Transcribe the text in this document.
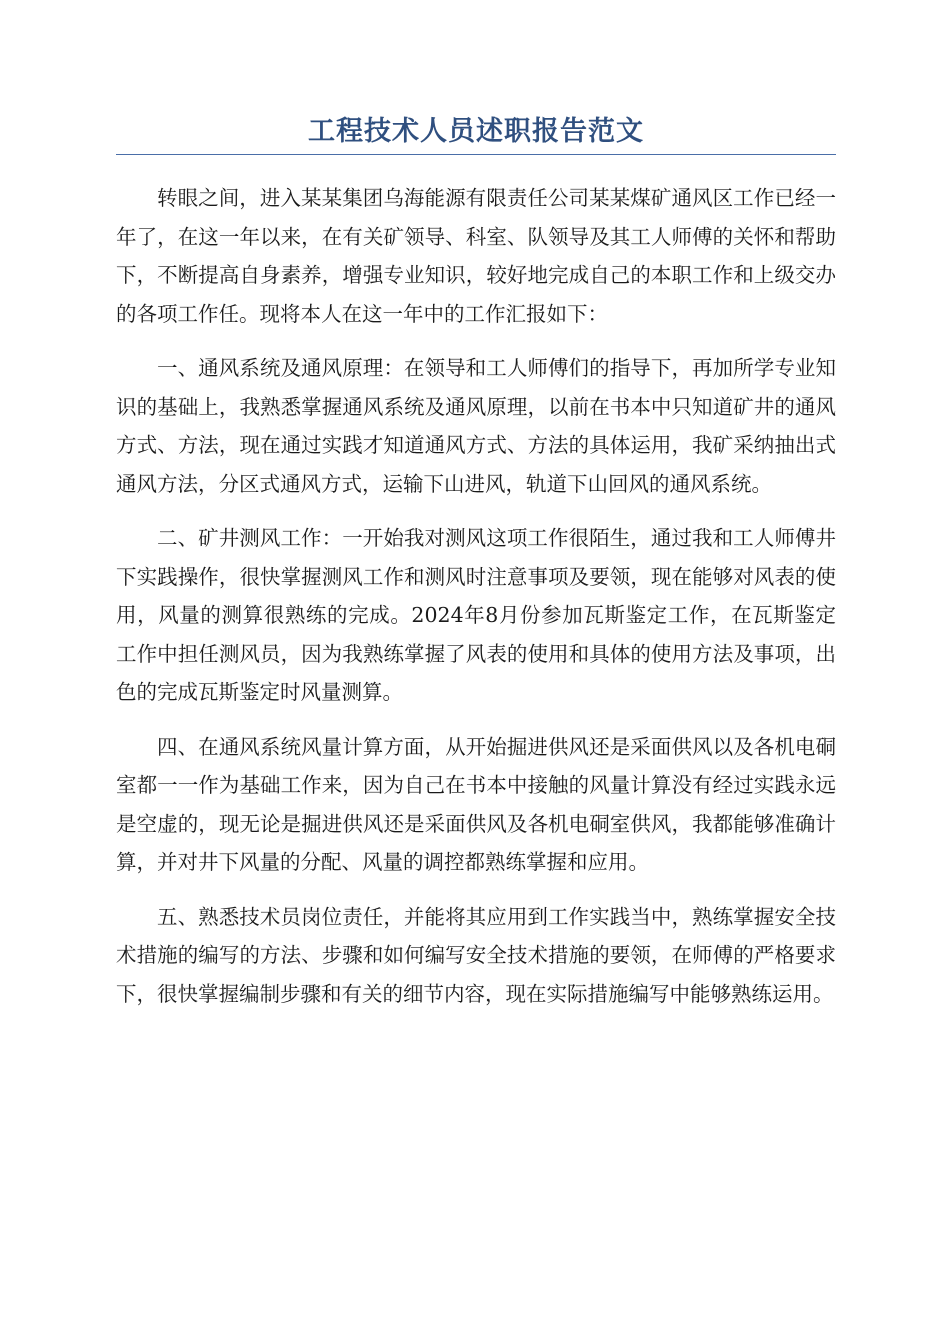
工程技术人员述职报告范文

转眼之间，进入某某集团乌海能源有限责任公司某某煤矿通风区工作已经一年了，在这一年以来，在有关矿领导、科室、队领导及其工人师傅的关怀和帮助下，不断提高自身素养，增强专业知识，较好地完成自己的本职工作和上级交办的各项工作任。现将本人在这一年中的工作汇报如下：

一、通风系统及通风原理：在领导和工人师傅们的指导下，再加所学专业知识的基础上，我熟悉掌握通风系统及通风原理，以前在书本中只知道矿井的通风方式、方法，现在通过实践才知道通风方式、方法的具体运用，我矿采纳抽出式通风方法，分区式通风方式，运输下山进风，轨道下山回风的通风系统。

二、矿井测风工作：一开始我对测风这项工作很陌生，通过我和工人师傅井下实践操作，很快掌握测风工作和测风时注意事项及要领，现在能够对风表的使用，风量的测算很熟练的完成。2024年8月份参加瓦斯鉴定工作，在瓦斯鉴定工作中担任测风员，因为我熟练掌握了风表的使用和具体的使用方法及事项，出色的完成瓦斯鉴定时风量测算。

四、在通风系统风量计算方面，从开始掘进供风还是采面供风以及各机电硐室都一一作为基础工作来，因为自己在书本中接触的风量计算没有经过实践永远是空虚的，现无论是掘进供风还是采面供风及各机电硐室供风，我都能够准确计算，并对井下风量的分配、风量的调控都熟练掌握和应用。

五、熟悉技术员岗位责任，并能将其应用到工作实践当中，熟练掌握安全技术措施的编写的方法、步骤和如何编写安全技术措施的要领，在师傅的严格要求下，很快掌握编制步骤和有关的细节内容，现在实际措施编写中能够熟练运用。
